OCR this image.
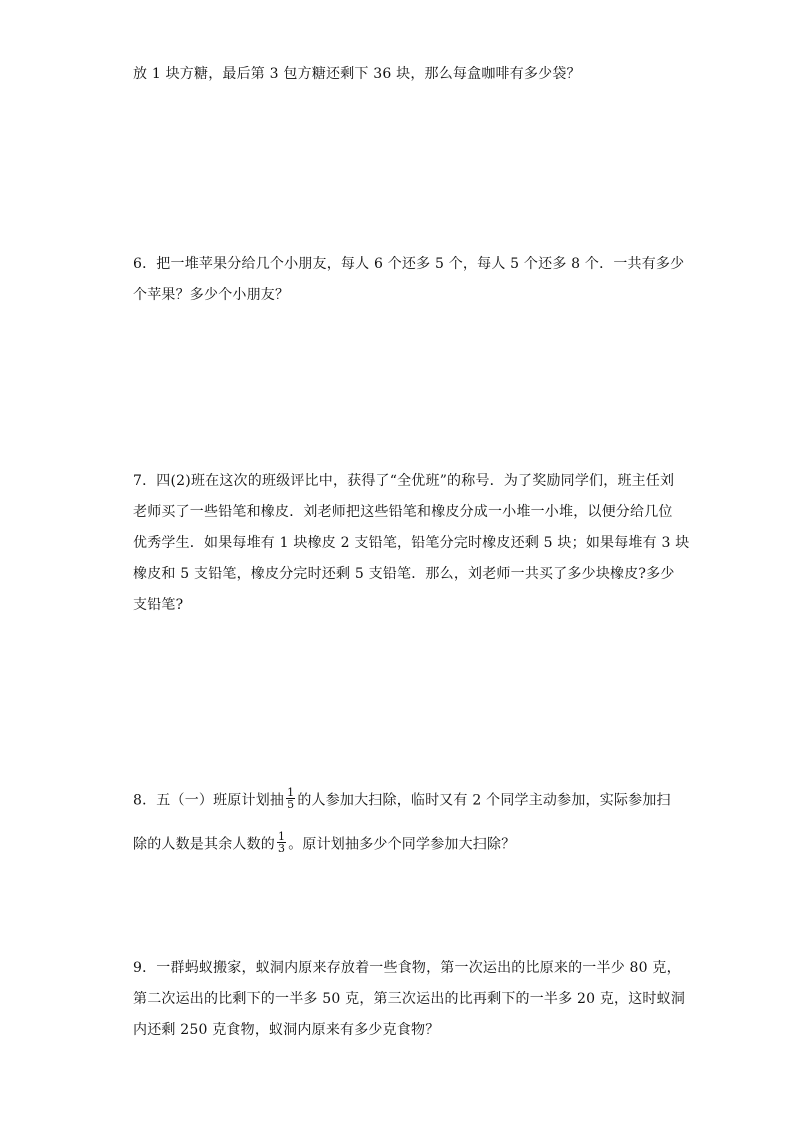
放 1 块方糖，最后第 3 包方糖还剩下 36 块，那么每盒咖啡有多少袋？
6．把一堆苹果分给几个小朋友，每人 6 个还多 5 个，每人 5 个还多 8 个．一共有多少
个苹果？多少个小朋友？
7．四(2)班在这次的班级评比中，获得了“全优班”的称号．为了奖励同学们，班主任刘
老师买了一些铅笔和橡皮．刘老师把这些铅笔和橡皮分成一小堆一小堆，以便分给几位
优秀学生．如果每堆有 1 块橡皮 2 支铅笔，铅笔分完时橡皮还剩 5 块；如果每堆有 3 块
橡皮和 5 支铅笔，橡皮分完时还剩 5 支铅笔．那么，刘老师一共买了多少块橡皮?多少
支铅笔?
8．五（一）班原计划抽 $\frac{1}{5}$ 的人参加大扫除，临时又有 2 个同学主动参加，实际参加扫
除的人数是其余人数的 $\frac{1}{3}$ 。原计划抽多少个同学参加大扫除？
9．一群蚂蚁搬家，蚁洞内原来存放着一些食物，第一次运出的比原来的一半少 80 克，
第二次运出的比剩下的一半多 50 克，第三次运出的比再剩下的一半多 20 克，这时蚁洞
内还剩 250 克食物，蚁洞内原来有多少克食物？
